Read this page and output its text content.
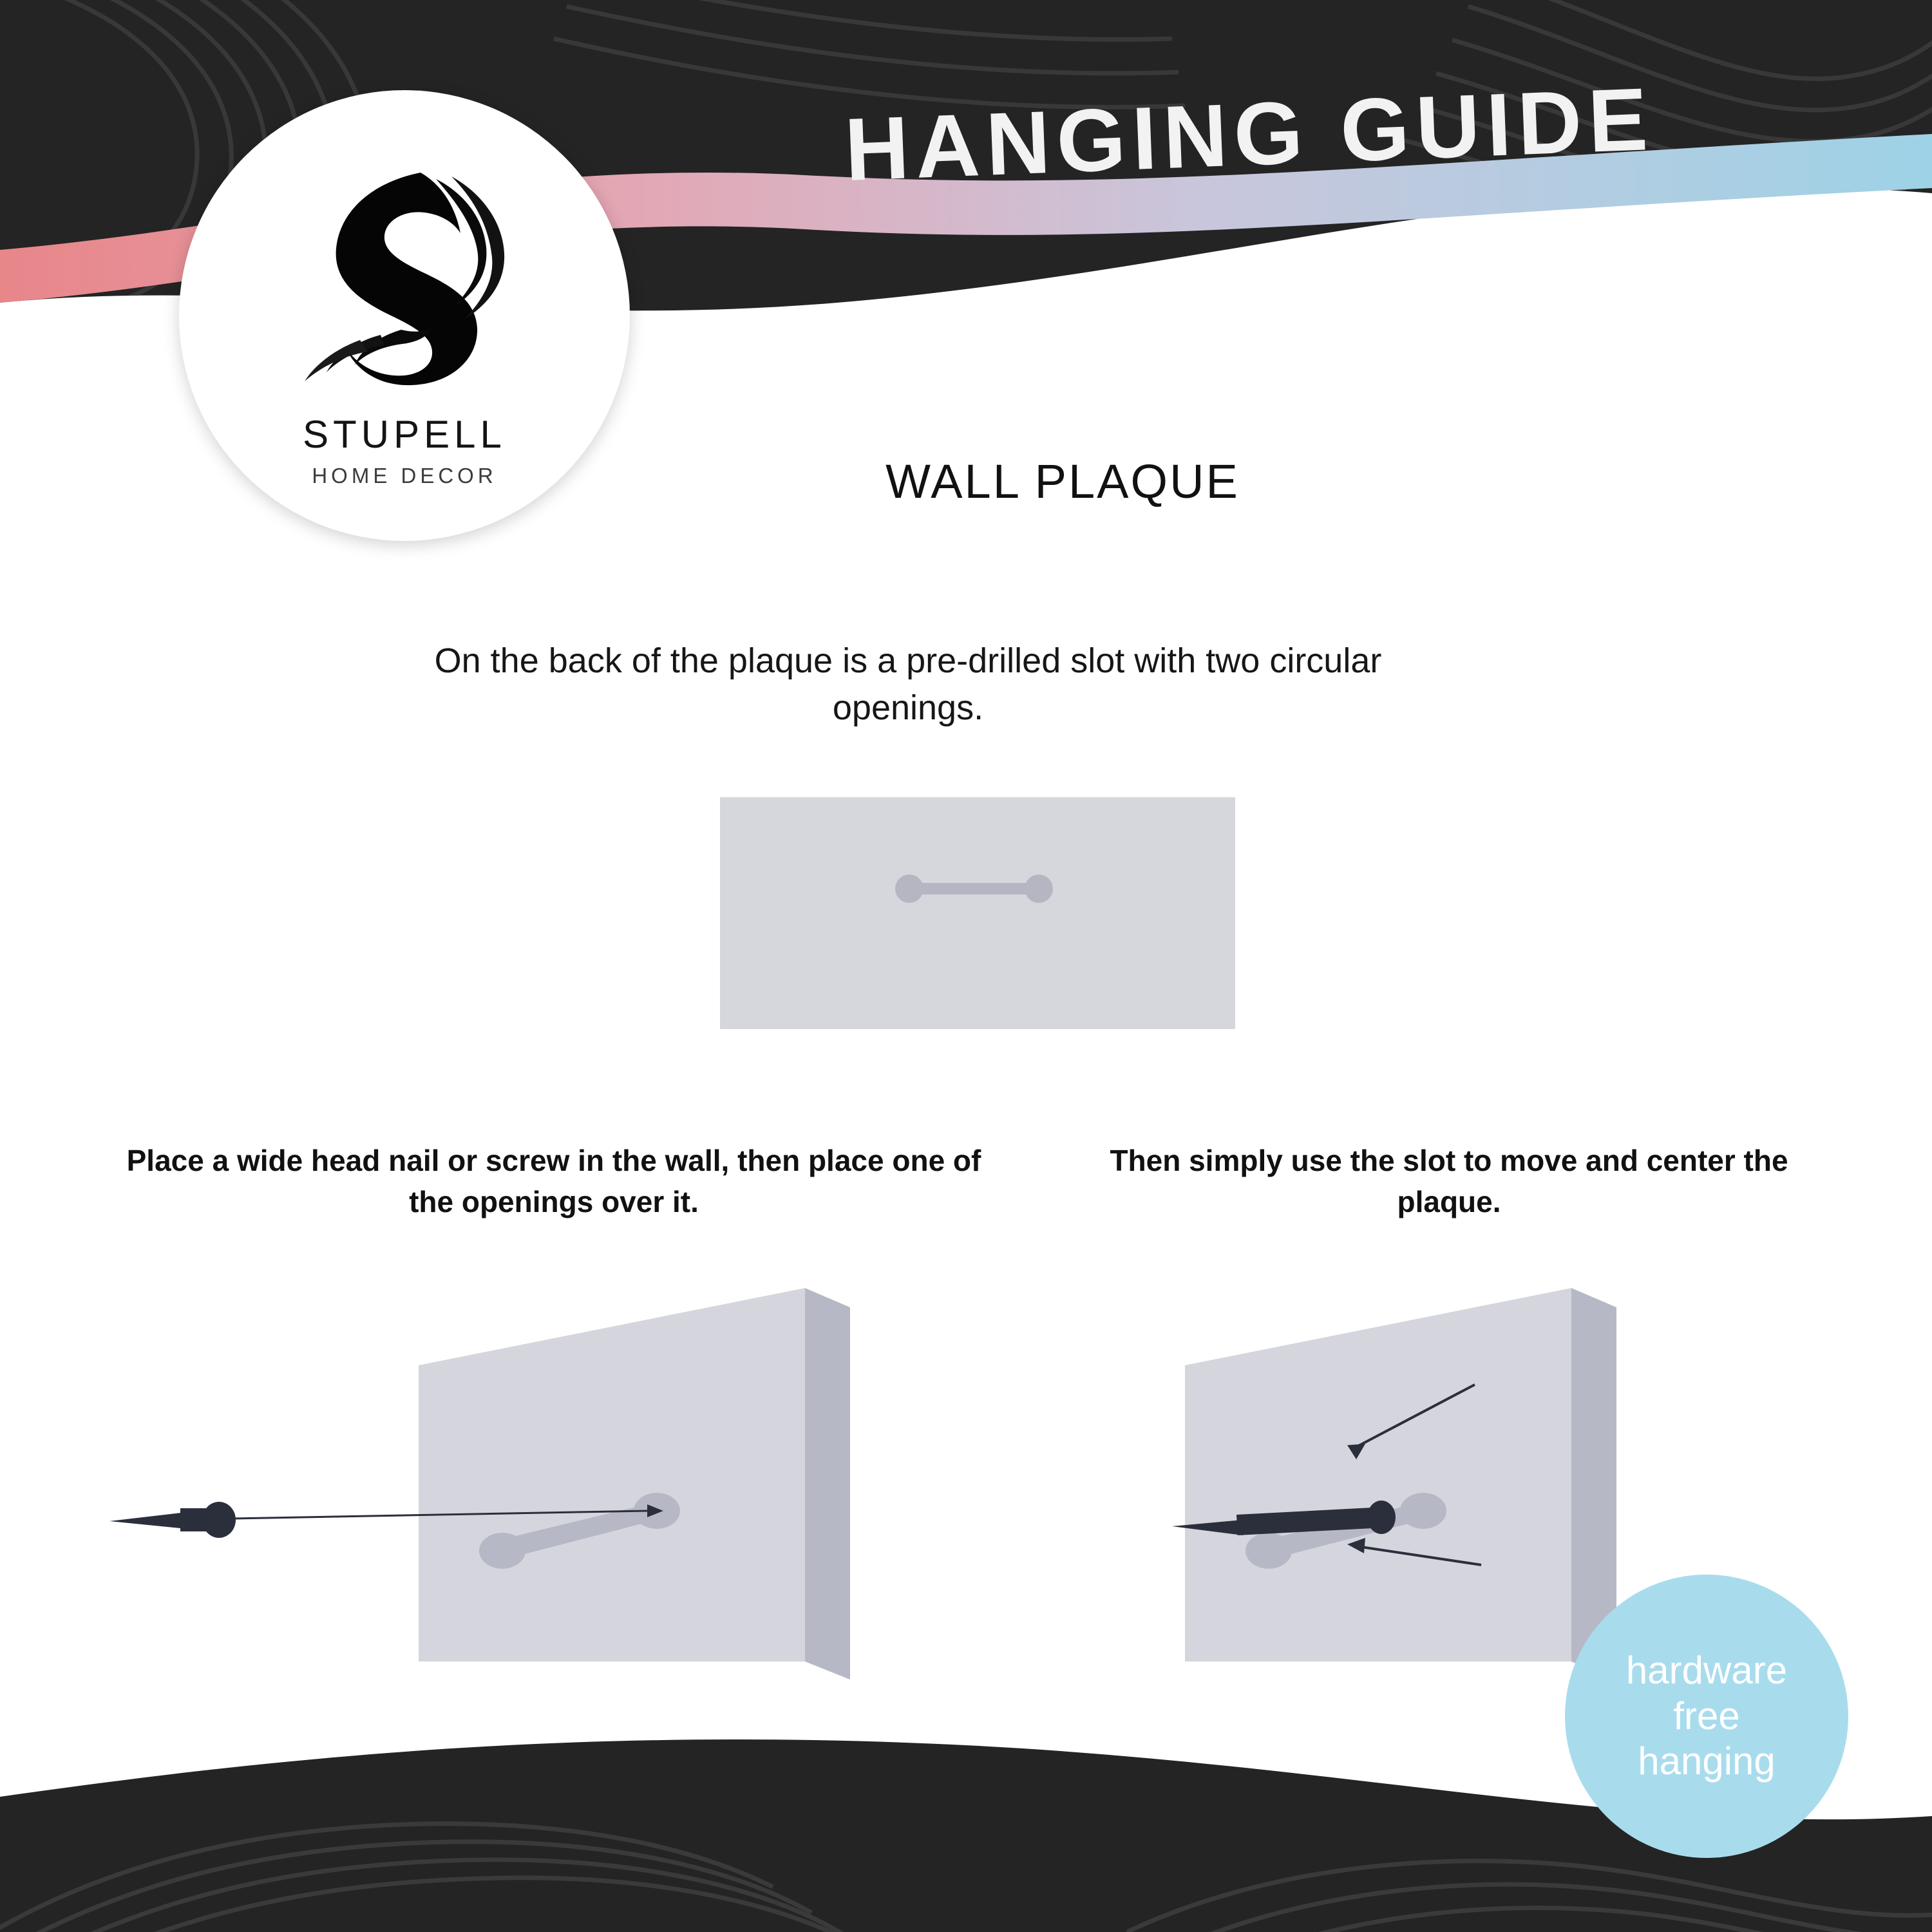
HANGING GUIDE
STUPELL
HOME DECOR	WALL PLAQUE
On the back of the plaque is a pre-drilled slot with two circular openings.
Place a wide head nail or screw in the wall, then place one of the openings over it.
Then simply use the slot to move and center the plaque.
hardware
free
hanging
